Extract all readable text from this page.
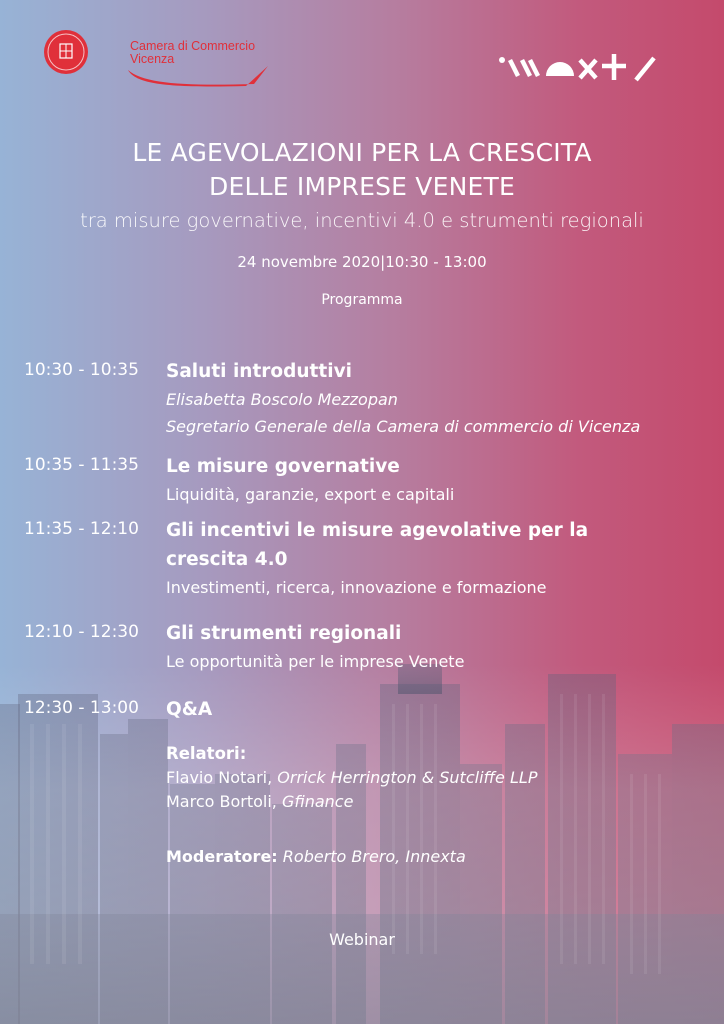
Camera di Commercio
Vicenza
LE AGEVOLAZIONI PER LA CRESCITA
DELLE IMPRESE VENETE
tra misure governative, incentivi 4.0 e strumenti regionali
24 novembre 2020|10:30 - 13:00
Programma
10:30 - 10:35 Saluti introduttivi
Elisabetta Boscolo Mezzopan
Segretario Generale della Camera di commercio di Vicenza
10:35 - 11:35 Le misure governative
Liquidità, garanzie, export e capitali
11:35 - 12:10 Gli incentivi le misure agevolative per la
crescita 4.0
Investimenti, ricerca, innovazione e formazione
12:10 - 12:30 Gli strumenti regionali
Le opportunità per le imprese Venete
12:30 - 13:00 Q&A
Relatori:
Flavio Notari, Orrick Herrington & Sutcliffe LLP
Marco Bortoli, Gfinance
Moderatore: Roberto Brero, Innexta
Webinar
